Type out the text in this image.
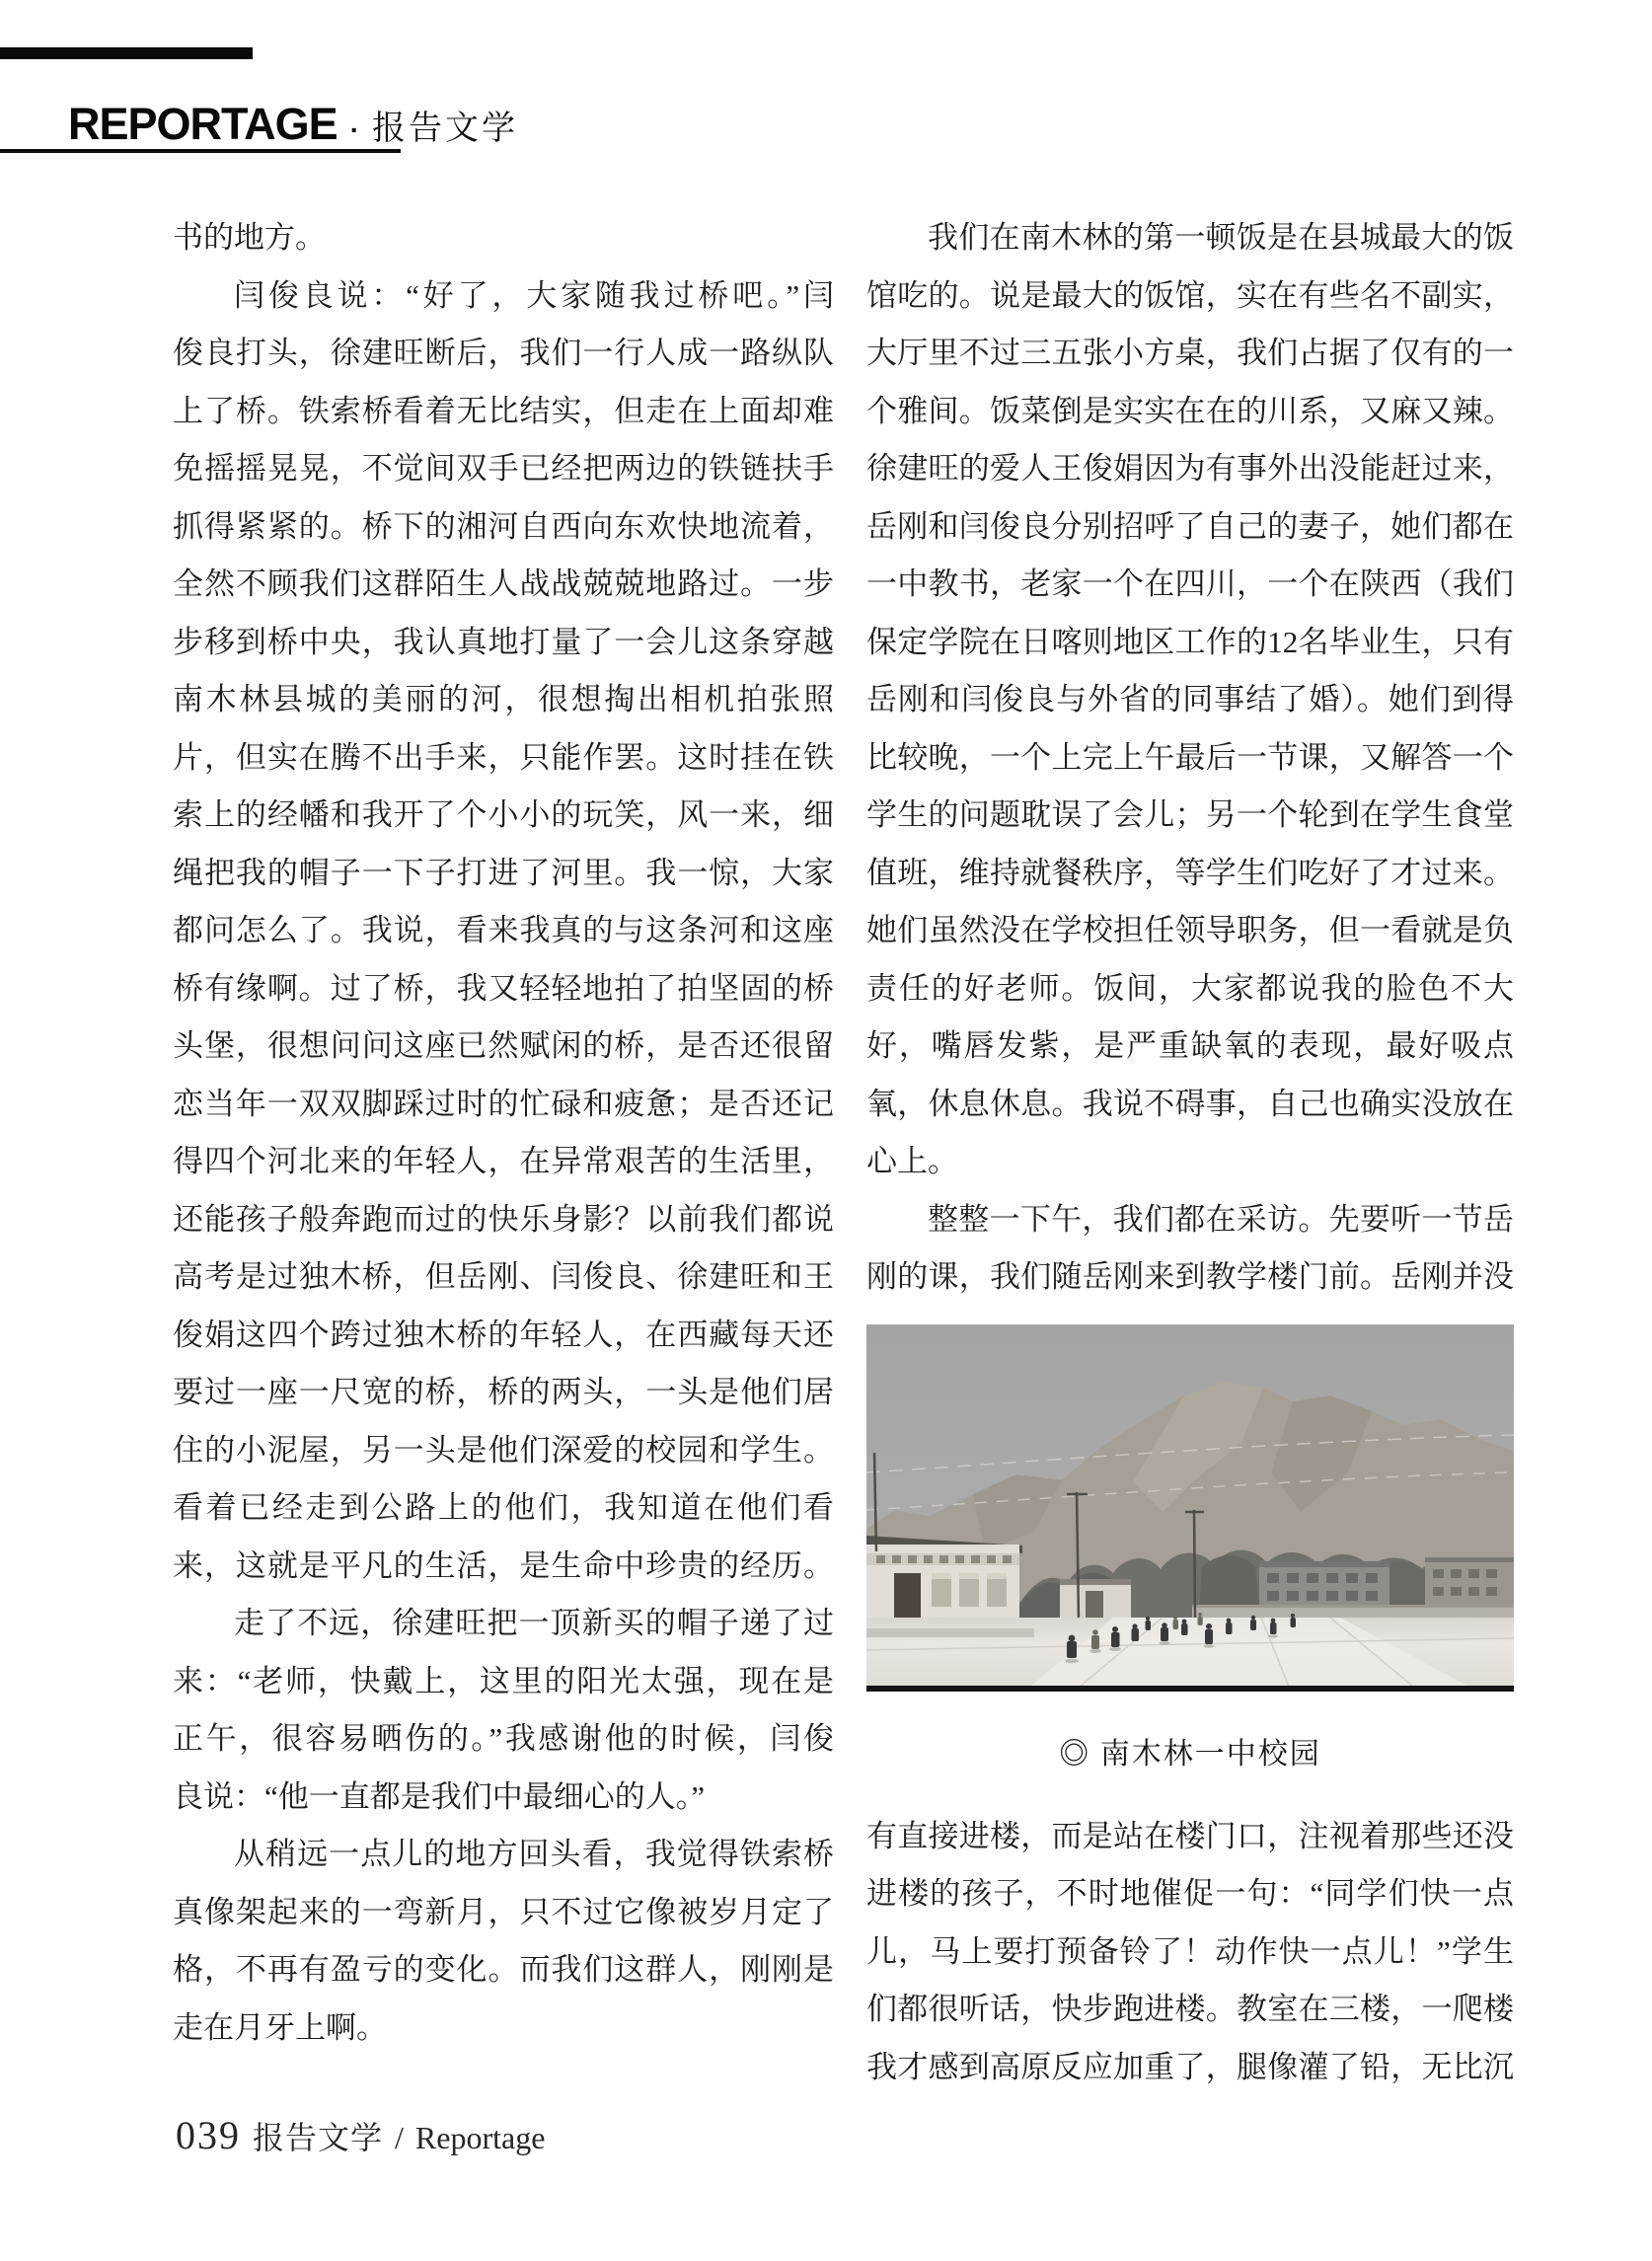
REPORTAGE · 报告文学
书的地方。
闫俊良说：“好了，大家随我过桥吧。”闫
俊良打头，徐建旺断后，我们一行人成一路纵队
上了桥。铁索桥看着无比结实，但走在上面却难
免摇摇晃晃，不觉间双手已经把两边的铁链扶手
抓得紧紧的。桥下的湘河自西向东欢快地流着，
全然不顾我们这群陌生人战战兢兢地路过。一步
步移到桥中央，我认真地打量了一会儿这条穿越
南木林县城的美丽的河，很想掏出相机拍张照
片，但实在腾不出手来，只能作罢。这时挂在铁
索上的经幡和我开了个小小的玩笑，风一来，细
绳把我的帽子一下子打进了河里。我一惊，大家
都问怎么了。我说，看来我真的与这条河和这座
桥有缘啊。过了桥，我又轻轻地拍了拍坚固的桥
头堡，很想问问这座已然赋闲的桥，是否还很留
恋当年一双双脚踩过时的忙碌和疲惫；是否还记
得四个河北来的年轻人，在异常艰苦的生活里，
还能孩子般奔跑而过的快乐身影？以前我们都说
高考是过独木桥，但岳刚、闫俊良、徐建旺和王
俊娟这四个跨过独木桥的年轻人，在西藏每天还
要过一座一尺宽的桥，桥的两头，一头是他们居
住的小泥屋，另一头是他们深爱的校园和学生。
看着已经走到公路上的他们，我知道在他们看
来，这就是平凡的生活，是生命中珍贵的经历。
走了不远，徐建旺把一顶新买的帽子递了过
来：“老师，快戴上，这里的阳光太强，现在是
正午，很容易晒伤的。”我感谢他的时候，闫俊
良说：“他一直都是我们中最细心的人。”
从稍远一点儿的地方回头看，我觉得铁索桥
真像架起来的一弯新月，只不过它像被岁月定了
格，不再有盈亏的变化。而我们这群人，刚刚是
走在月牙上啊。
我们在南木林的第一顿饭是在县城最大的饭
馆吃的。说是最大的饭馆，实在有些名不副实，
大厅里不过三五张小方桌，我们占据了仅有的一
个雅间。饭菜倒是实实在在的川系，又麻又辣。
徐建旺的爱人王俊娟因为有事外出没能赶过来，
岳刚和闫俊良分别招呼了自己的妻子，她们都在
一中教书，老家一个在四川，一个在陕西（我们
保定学院在日喀则地区工作的12名毕业生，只有
岳刚和闫俊良与外省的同事结了婚）。她们到得
比较晚，一个上完上午最后一节课，又解答一个
学生的问题耽误了会儿；另一个轮到在学生食堂
值班，维持就餐秩序，等学生们吃好了才过来。
她们虽然没在学校担任领导职务，但一看就是负
责任的好老师。饭间，大家都说我的脸色不大
好，嘴唇发紫，是严重缺氧的表现，最好吸点
氧，休息休息。我说不碍事，自己也确实没放在
心上。
整整一下午，我们都在采访。先要听一节岳
刚的课，我们随岳刚来到教学楼门前。岳刚并没
◎ 南木林一中校园
有直接进楼，而是站在楼门口，注视着那些还没
进楼的孩子，不时地催促一句：“同学们快一点
儿，马上要打预备铃了！动作快一点儿！”学生
们都很听话，快步跑进楼。教室在三楼，一爬楼
我才感到高原反应加重了，腿像灌了铅，无比沉
039 报告文学 / Reportage
